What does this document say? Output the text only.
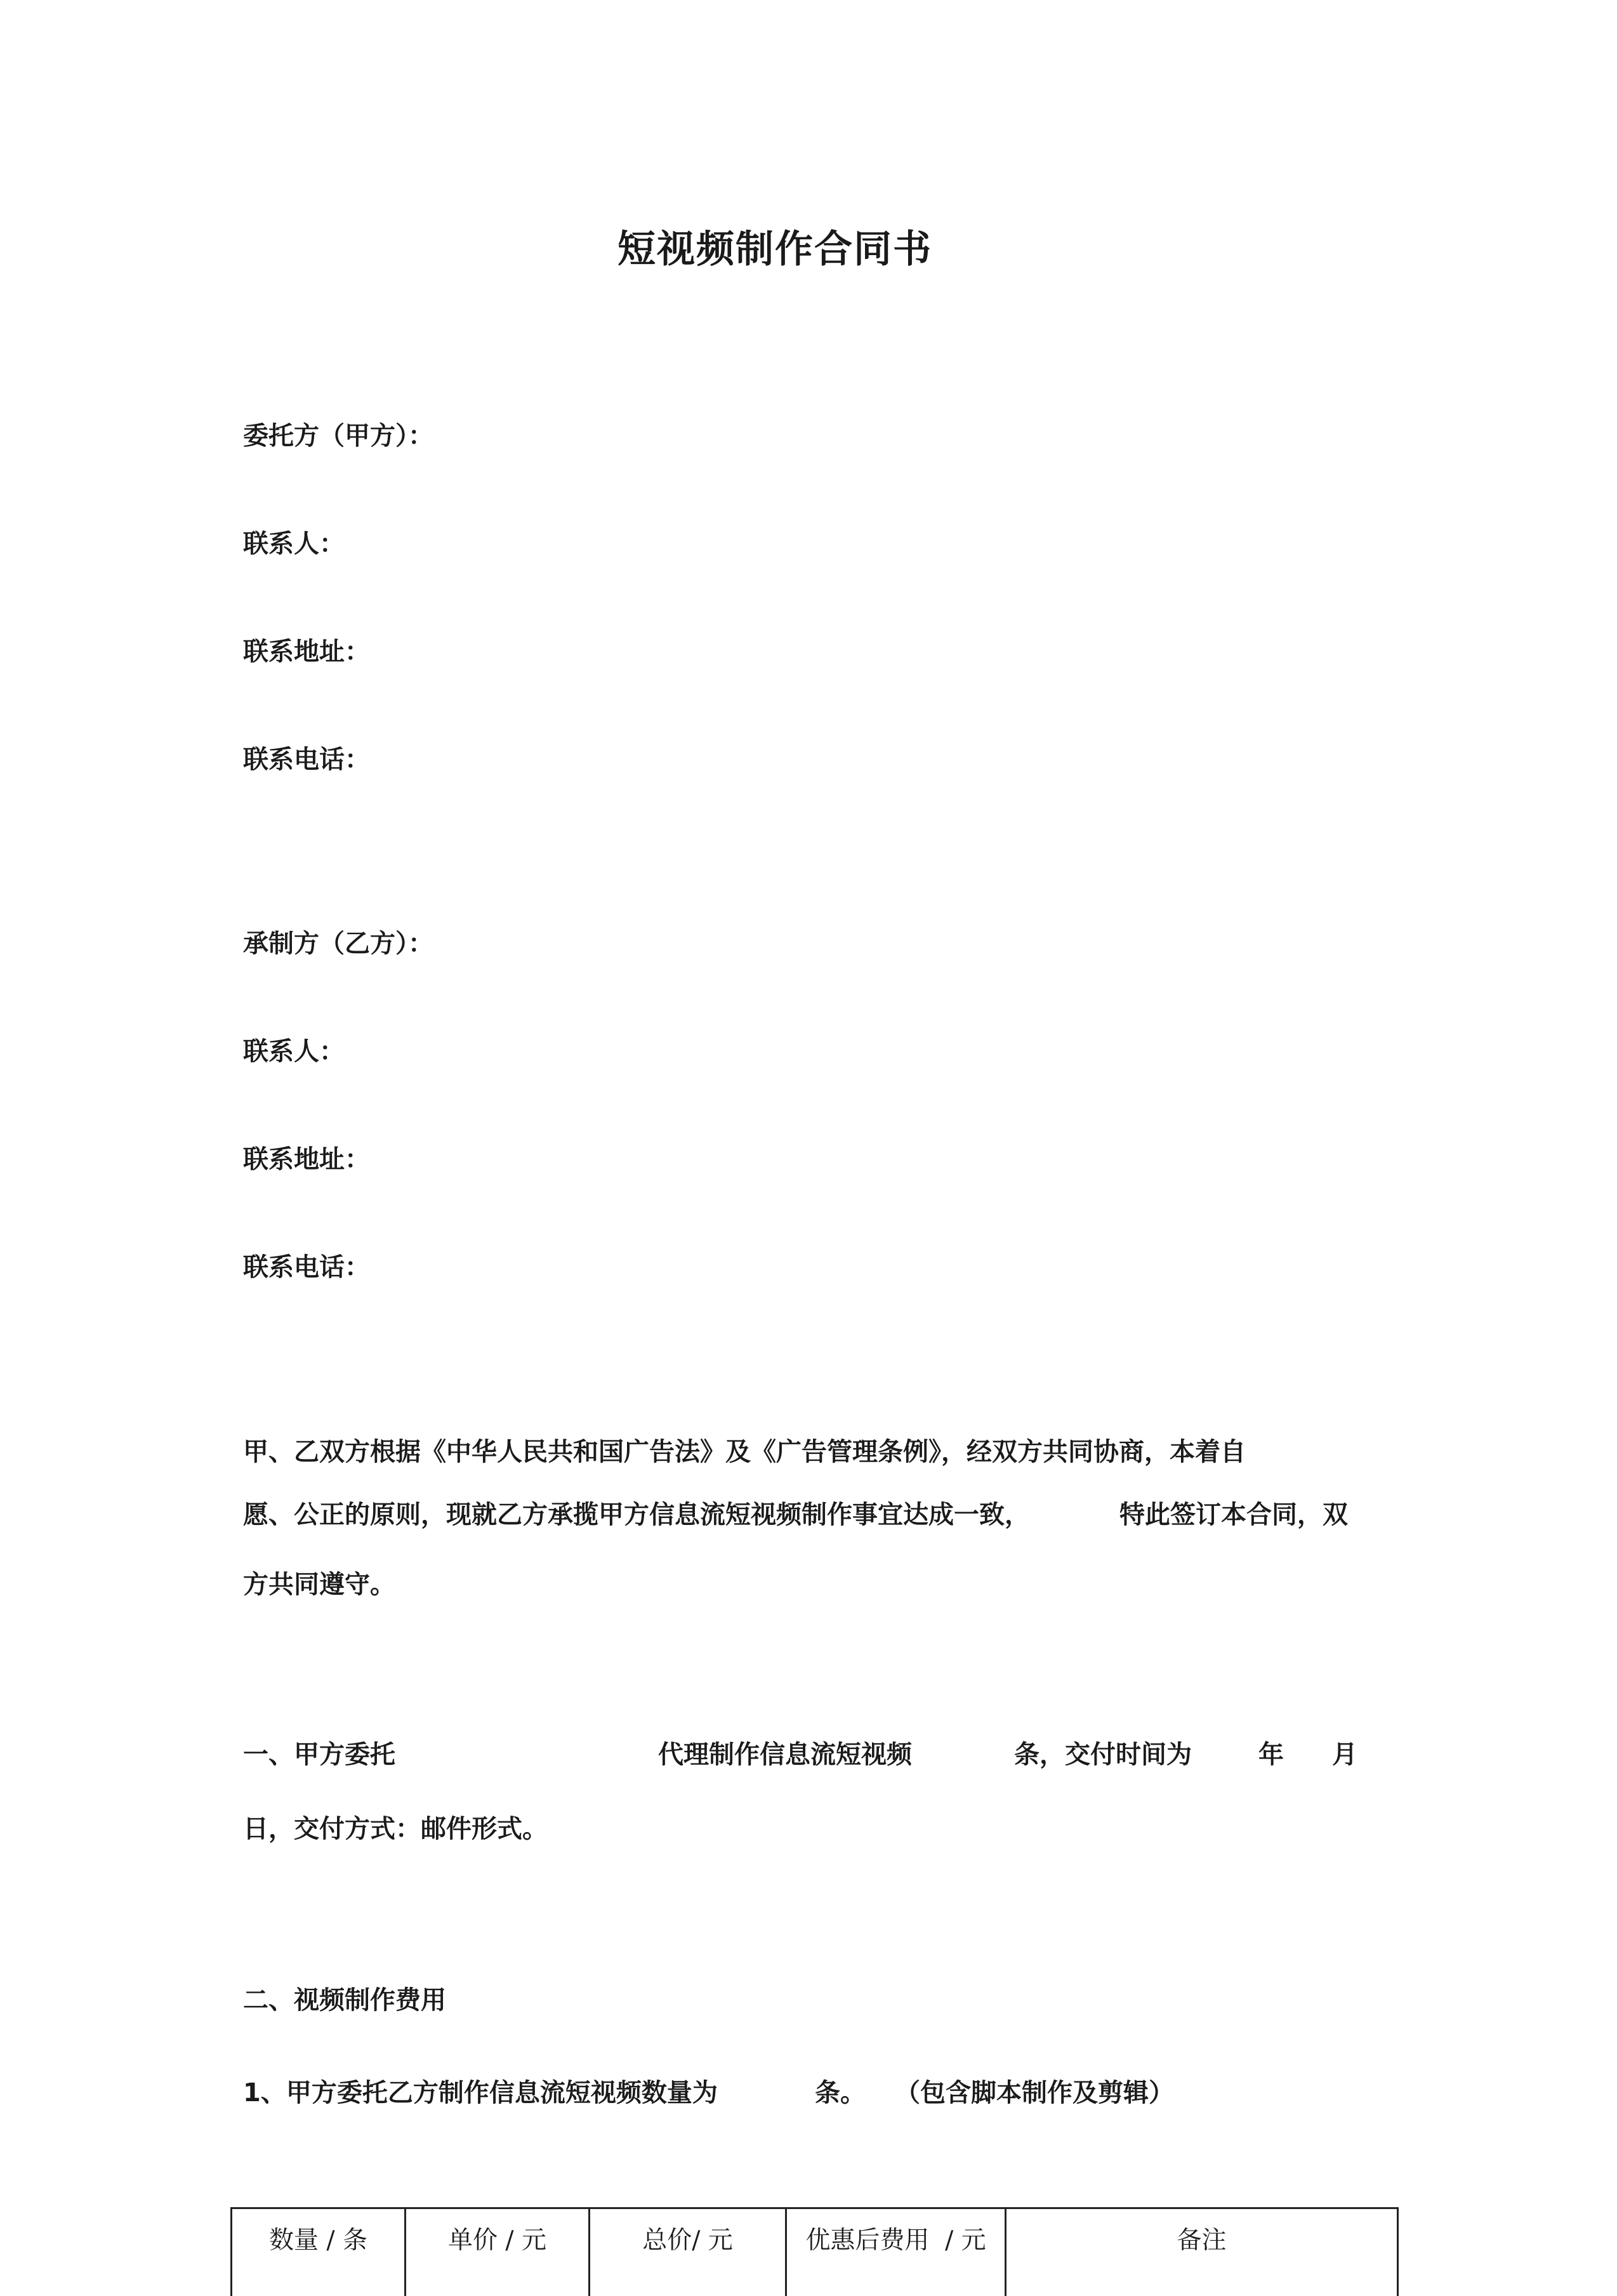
短视频制作合同书
委托方（甲方）：
联系人：
联系地址：
联系电话：
承制方（乙方）：
联系人：
联系地址：
联系电话：
甲、乙双方根据《中华人民共和国广告法》及《广告管理条例》，经双方共同协商，本着自
愿、公正的原则，现就乙方承揽甲方信息流短视频制作事宜达成一致，	特此签订本合同，双
方共同遵守。
一、甲方委托	代理制作信息流短视频	条，交付时间为	年 月
日，交付方式：邮件形式。
二、视频制作费用
1、甲方委托乙方制作信息流短视频数量为	条。 （包含脚本制作及剪辑）
数量 / 条	单价 / 元	总价/ 元	优惠后费用  / 元	备注
